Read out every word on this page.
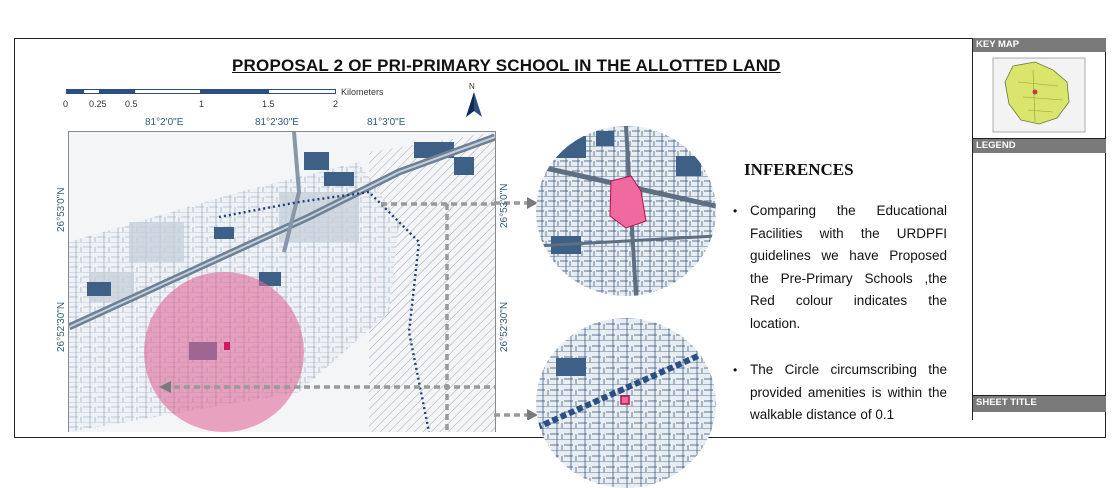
PROPOSAL 2 OF PRI-PRIMARY SCHOOL IN THE ALLOTTED LAND
Kilometers
0 0.25 0.5	1	1.5	2
N
81°2'0"E	81°2'30"E	81°3'0"E
26°53'0"N
26°52'30"N
26°53'0"N
26°52'30"N
INFERENCES
• Comparing the Educational Facilities with the URDPFI guidelines we have Proposed the Pre-Primary Schools ,the Red colour indicates the location.
• The Circle circumscribing the provided amenities is within the walkable distance of 0.1
KEY MAP
LEGEND
SHEET TITLE
